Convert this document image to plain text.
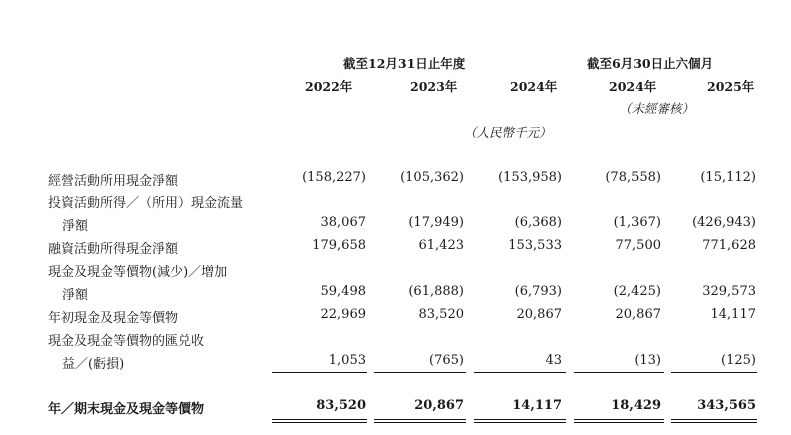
截至12月31日止年度	截至6月30日止六個月
2022年	2023年	2024年	2024年	2025年
（未經審核）
（人民幣千元）
經營活動所用現金淨額	(158,227)	(105,362)	(153,958)	(78,558)	(15,112)
投資活動所得／（所用）現金流量
淨額	38,067	(17,949)	(6,368)	(1,367)	(426,943)
融資活動所得現金淨額	179,658	61,423	153,533	77,500	771,628
現金及現金等價物(減少)／增加
淨額	59,498	(61,888)	(6,793)	(2,425)	329,573
年初現金及現金等價物	22,969	83,520	20,867	20,867	14,117
現金及現金等價物的匯兑收
益／(虧損)	1,053	(765)	43	(13)	(125)
年／期末現金及現金等價物	83,520	20,867	14,117	18,429	343,565
